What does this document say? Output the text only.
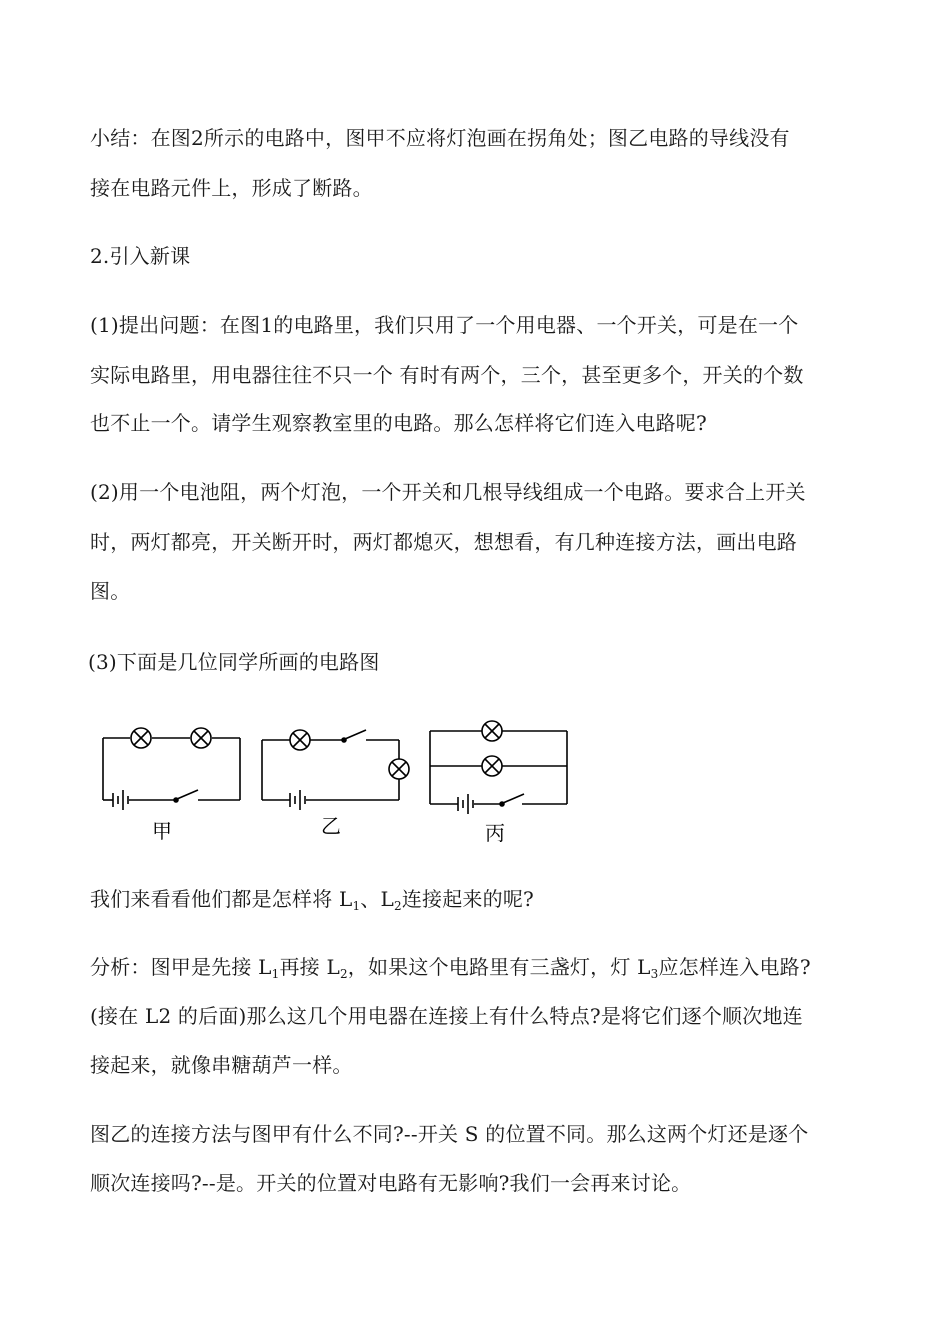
小结：在图2所示的电路中，图甲不应将灯泡画在拐角处；图乙电路的导线没有
接在电路元件上，形成了断路。
2.引入新课
(1)提出问题：在图1的电路里，我们只用了一个用电器、一个开关，可是在一个
实际电路里，用电器往往不只一个 有时有两个，三个，甚至更多个，开关的个数
也不止一个。请学生观察教室里的电路。那么怎样将它们连入电路呢?
(2)用一个电池阻，两个灯泡，一个开关和几根导线组成一个电路。要求合上开关
时，两灯都亮，开关断开时，两灯都熄灭，想想看，有几种连接方法，画出电路
图。
(3)下面是几位同学所画的电路图
甲	乙	丙
我们来看看他们都是怎样将 $L_1$、$L_2$连接起来的呢?
分析：图甲是先接 $L_1$再接 $L_2$，如果这个电路里有三盏灯，灯 $L_3$应怎样连入电路?
(接在 L2 的后面)那么这几个用电器在连接上有什么特点?是将它们逐个顺次地连
接起来，就像串糖葫芦一样。
图乙的连接方法与图甲有什么不同?--开关 S 的位置不同。那么这两个灯还是逐个
顺次连接吗?--是。开关的位置对电路有无影响?我们一会再来讨论。
